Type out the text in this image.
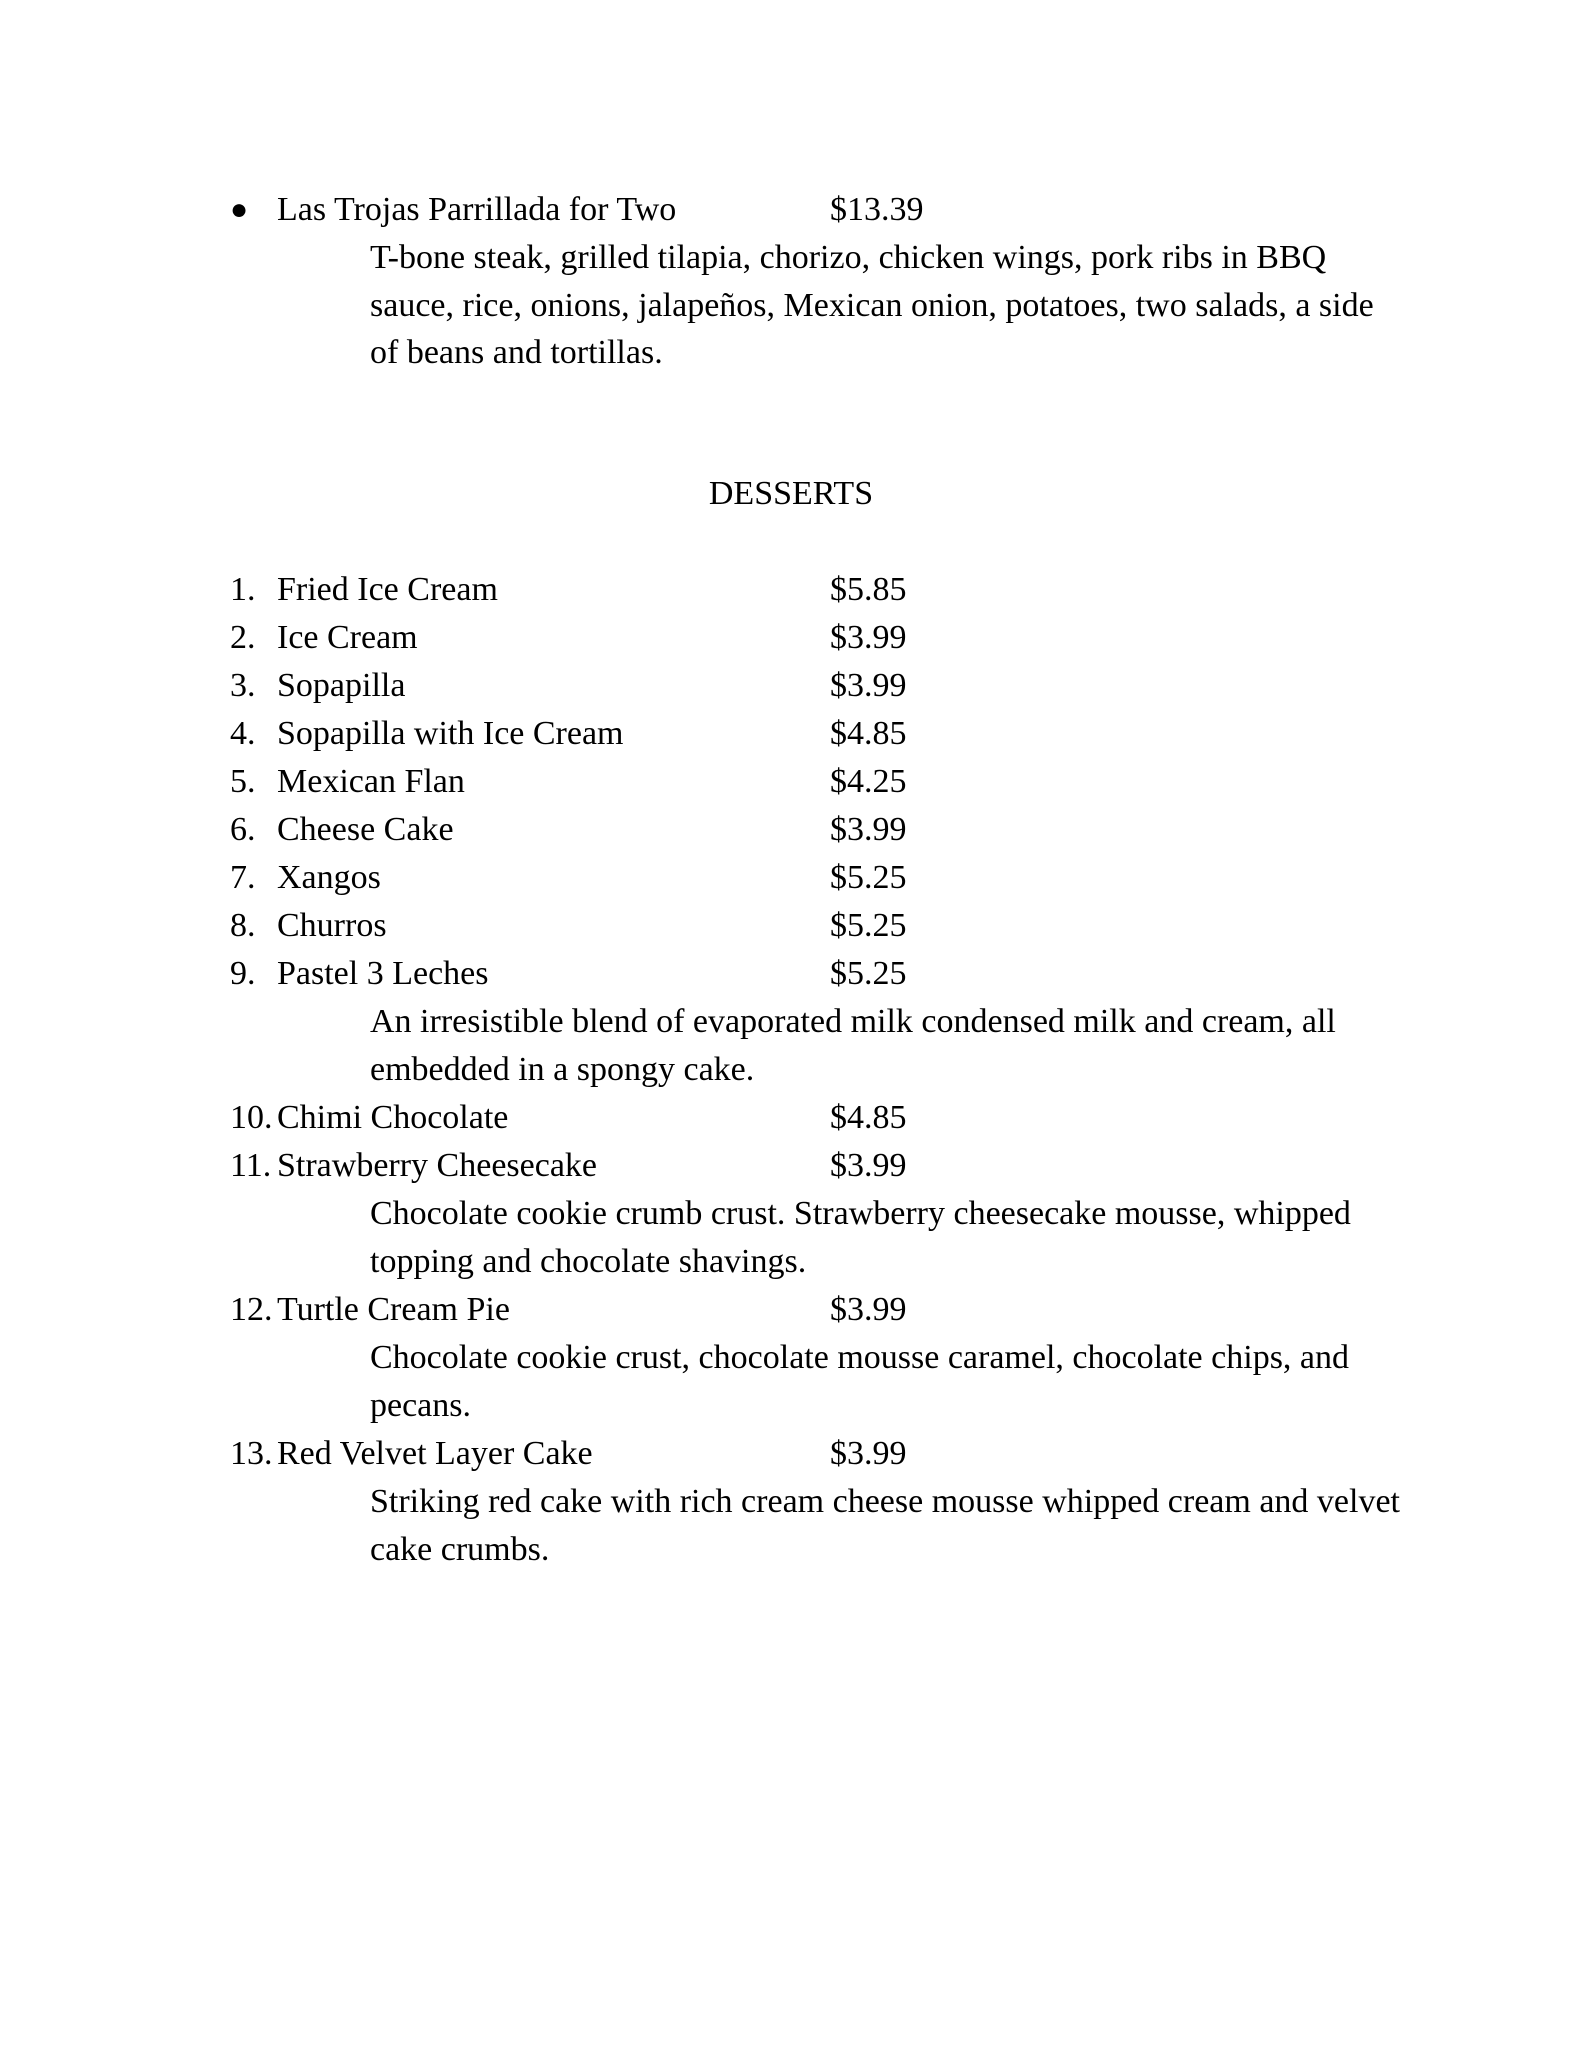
● Las Trojas Parrillada for Two	$13.39
T-bone steak, grilled tilapia, chorizo, chicken wings, pork ribs in BBQ sauce, rice, onions, jalapeños, Mexican onion, potatoes, two salads, a side of beans and tortillas.
DESSERTS
1. Fried Ice Cream	$5.85
2. Ice Cream	$3.99
3. Sopapilla	$3.99
4. Sopapilla with Ice Cream	$4.85
5. Mexican Flan	$4.25
6. Cheese Cake	$3.99
7. Xangos	$5.25
8. Churros	$5.25
9. Pastel 3 Leches	$5.25
An irresistible blend of evaporated milk condensed milk and cream, all embedded in a spongy cake.
10. Chimi Chocolate	$4.85
11. Strawberry Cheesecake	$3.99
Chocolate cookie crumb crust. Strawberry cheesecake mousse, whipped topping and chocolate shavings.
12. Turtle Cream Pie	$3.99
Chocolate cookie crust, chocolate mousse caramel, chocolate chips, and pecans.
13. Red Velvet Layer Cake	$3.99
Striking red cake with rich cream cheese mousse whipped cream and velvet cake crumbs.
